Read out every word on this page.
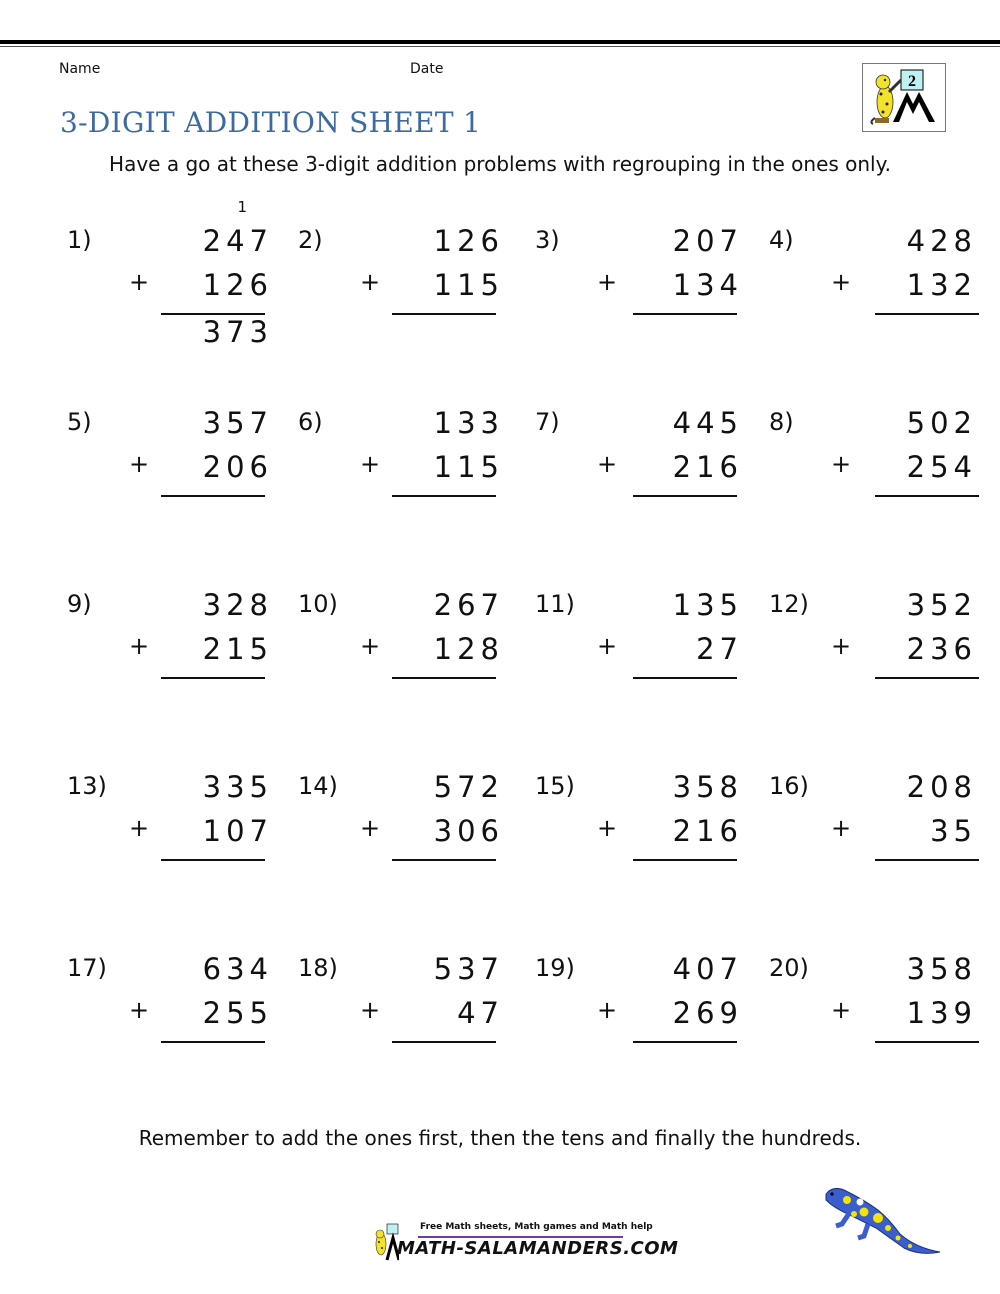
Name	Date
2
3-DIGIT ADDITION SHEET 1
Have a go at these 3-digit addition problems with regrouping in the ones only.
1)
1
247
+ 126
373
2)	126
+ 115
3)	207
+ 134
4)	428
+ 132
5)	357
+ 206
6)	133
+ 115
7)	445
+ 216
8)	502
+ 254
9)	328
+ 215
10)	267
+ 128
11)	135
+	27
12)	352
+ 236
13)	335
+ 107
14)	572
+ 306
15)	358
+ 216
16)	208
+	35
17)	634
+ 255
18)	537
+	47
19)	407
+ 269
20)	358
+ 139
Remember to add the ones first, then the tens and finally the hundreds.
Free Math sheets, Math games and Math help
MATH-SALAMANDERS.COM
